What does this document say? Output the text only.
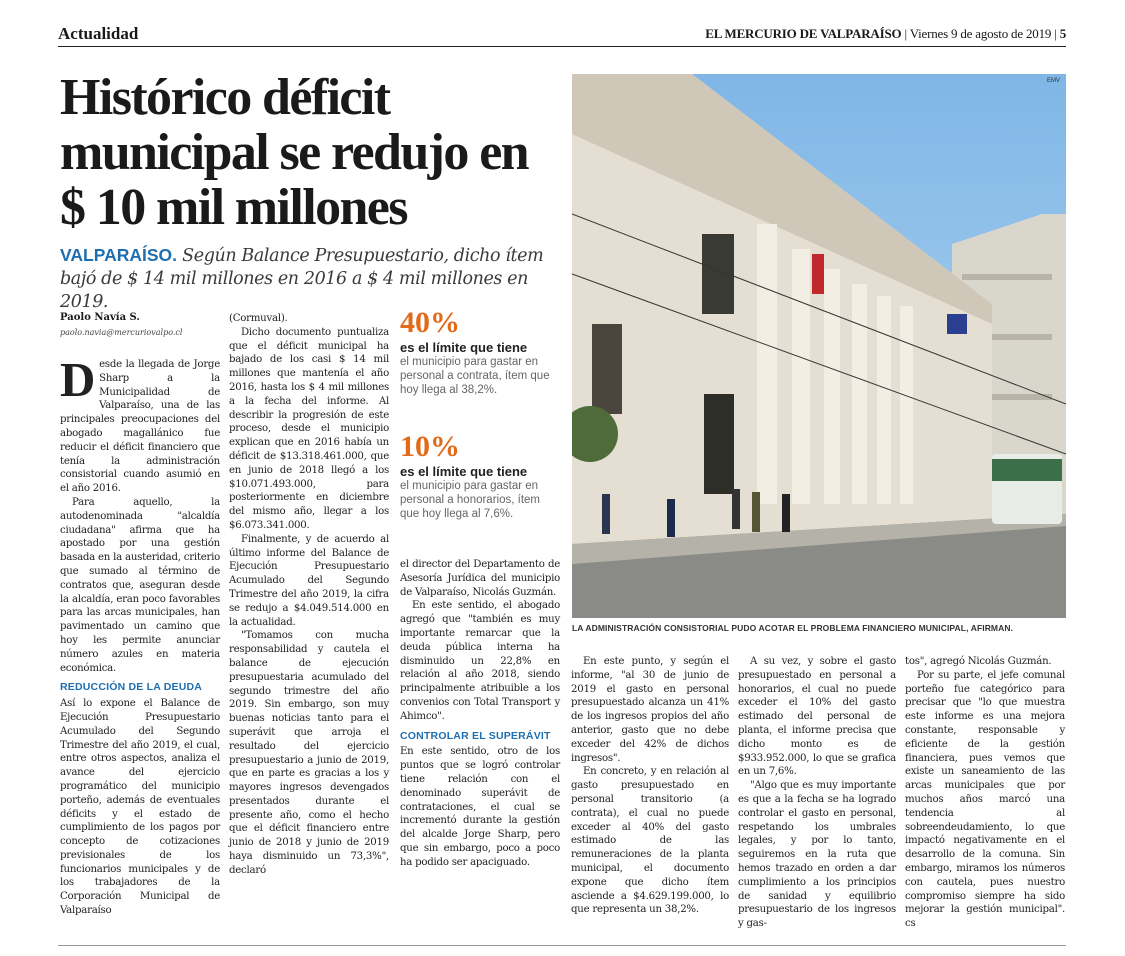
Actualidad	EL MERCURIO DE VALPARAÍSO | Viernes 9 de agosto de 2019 | 5
Histórico déficit municipal se redujo en $ 10 mil millones
VALPARAÍSO. Según Balance Presupuestario, dicho ítem bajó de $ 14 mil millones en 2016 a $ 4 mil millones en 2019.
Paolo Navía S.
paolo.navia@mercuriovalpo.cl

Desde la llegada de Jorge Sharp a la Municipalidad de Valparaíso, una de las principales preocupaciones del abogado magallánico fue reducir el déficit financiero que tenía la administración consistorial cuando asumió en el año 2016.

Para aquello, la autodenominada "alcaldía ciudadana" afirma que ha apostado por una gestión basada en la austeridad, criterio que sumado al término de contratos que, aseguran desde la alcaldía, eran poco favorables para las arcas municipales, han pavimentado un camino que hoy les permite anunciar número azules en materia económica.

REDUCCIÓN DE LA DEUDA

Así lo expone el Balance de Ejecución Presupuestario Acumulado del Segundo Trimestre del año 2019, el cual, entre otros aspectos, analiza el avance del ejercicio programático del municipio porteño, además de eventuales déficits y el estado de cumplimiento de los pagos por concepto de cotizaciones previsionales de los funcionarios municipales y de los trabajadores de la Corporación Municipal de Valparaíso

(Cormuval).

Dicho documento puntualiza que el déficit municipal ha bajado de los casi $ 14 mil millones que mantenía el año 2016, hasta los $ 4 mil millones a la fecha del informe. Al describir la progresión de este proceso, desde el municipio explican que en 2016 había un déficit de $13.318.461.000, que en junio de 2018 llegó a los $10.071.493.000, para posteriormente en diciembre del mismo año, llegar a los $6.073.341.000.

Finalmente, y de acuerdo al último informe del Balance de Ejecución Presupuestario Acumulado del Segundo Trimestre del año 2019, la cifra se redujo a $4.049.514.000 en la actualidad.

"Tomamos con mucha responsabilidad y cautela el balance de ejecución presupuestaria acumulado del segundo trimestre del año 2019. Sin embargo, son muy buenas noticias tanto para el superávit que arroja el resultado del ejercicio presupuestario a junio de 2019, que en parte es gracias a los y mayores ingresos devengados presentados durante el presente año, como el hecho que el déficit financiero entre junio de 2018 y junio de 2019 haya disminuido un 73,3%", declaró

40%
es el límite que tiene
el municipio para gastar en personal a contrata, ítem que hoy llega al 38,2%.
10%
es el límite que tiene
el municipio para gastar en personal a honorarios, ítem que hoy llega al 7,6%.

el director del Departamento de Asesoría Jurídica del municipio de Valparaíso, Nicolás Guzmán.

En este sentido, el abogado agregó que "también es muy importante remarcar que la deuda pública interna ha disminuido un 22,8% en relación al año 2018, siendo principalmente atribuible a los convenios con Total Transport y Ahimco".

CONTROLAR EL SUPERÁVIT

En este sentido, otro de los puntos que se logró controlar tiene relación con el denominado superávit de contrataciones, el cual se incrementó durante la gestión del alcalde Jorge Sharp, pero que sin embargo, poco a poco ha podido ser apaciguado.

EMV
LA ADMINISTRACIÓN CONSISTORIAL PUDO ACOTAR EL PROBLEMA FINANCIERO MUNICIPAL, AFIRMAN.

En este punto, y según el informe, "al 30 de junio de 2019 el gasto en personal presupuestado alcanza un 41% de los ingresos propios del año anterior, gasto que no debe exceder del 42% de dichos ingresos".

En concreto, y en relación al gasto presupuestado en personal transitorio (a contrata), el cual no puede exceder al 40% del gasto estimado de las remuneraciones de la planta municipal, el documento expone que dicho ítem asciende a $4.629.199.000, lo que representa un 38,2%.

A su vez, y sobre el gasto presupuestado en personal a honorarios, el cual no puede exceder el 10% del gasto estimado del personal de planta, el informe precisa que dicho monto es de $933.952.000, lo que se grafica en un 7,6%.

"Algo que es muy importante es que a la fecha se ha logrado controlar el gasto en personal, respetando los umbrales legales, y por lo tanto, seguiremos en la ruta que hemos trazado en orden a dar cumplimiento a los principios de sanidad y equilibrio presupuestario de los ingresos y gas-

tos", agregó Nicolás Guzmán.

Por su parte, el jefe comunal porteño fue categórico para precisar que "lo que muestra este informe es una mejora constante, responsable y eficiente de la gestión financiera, pues vemos que existe un saneamiento de las arcas municipales que por muchos años marcó una tendencia al sobreendeudamiento, lo que impactó negativamente en el desarrollo de la comuna. Sin embargo, miramos los números con cautela, pues nuestro compromiso siempre ha sido mejorar la gestión municipal". cs
